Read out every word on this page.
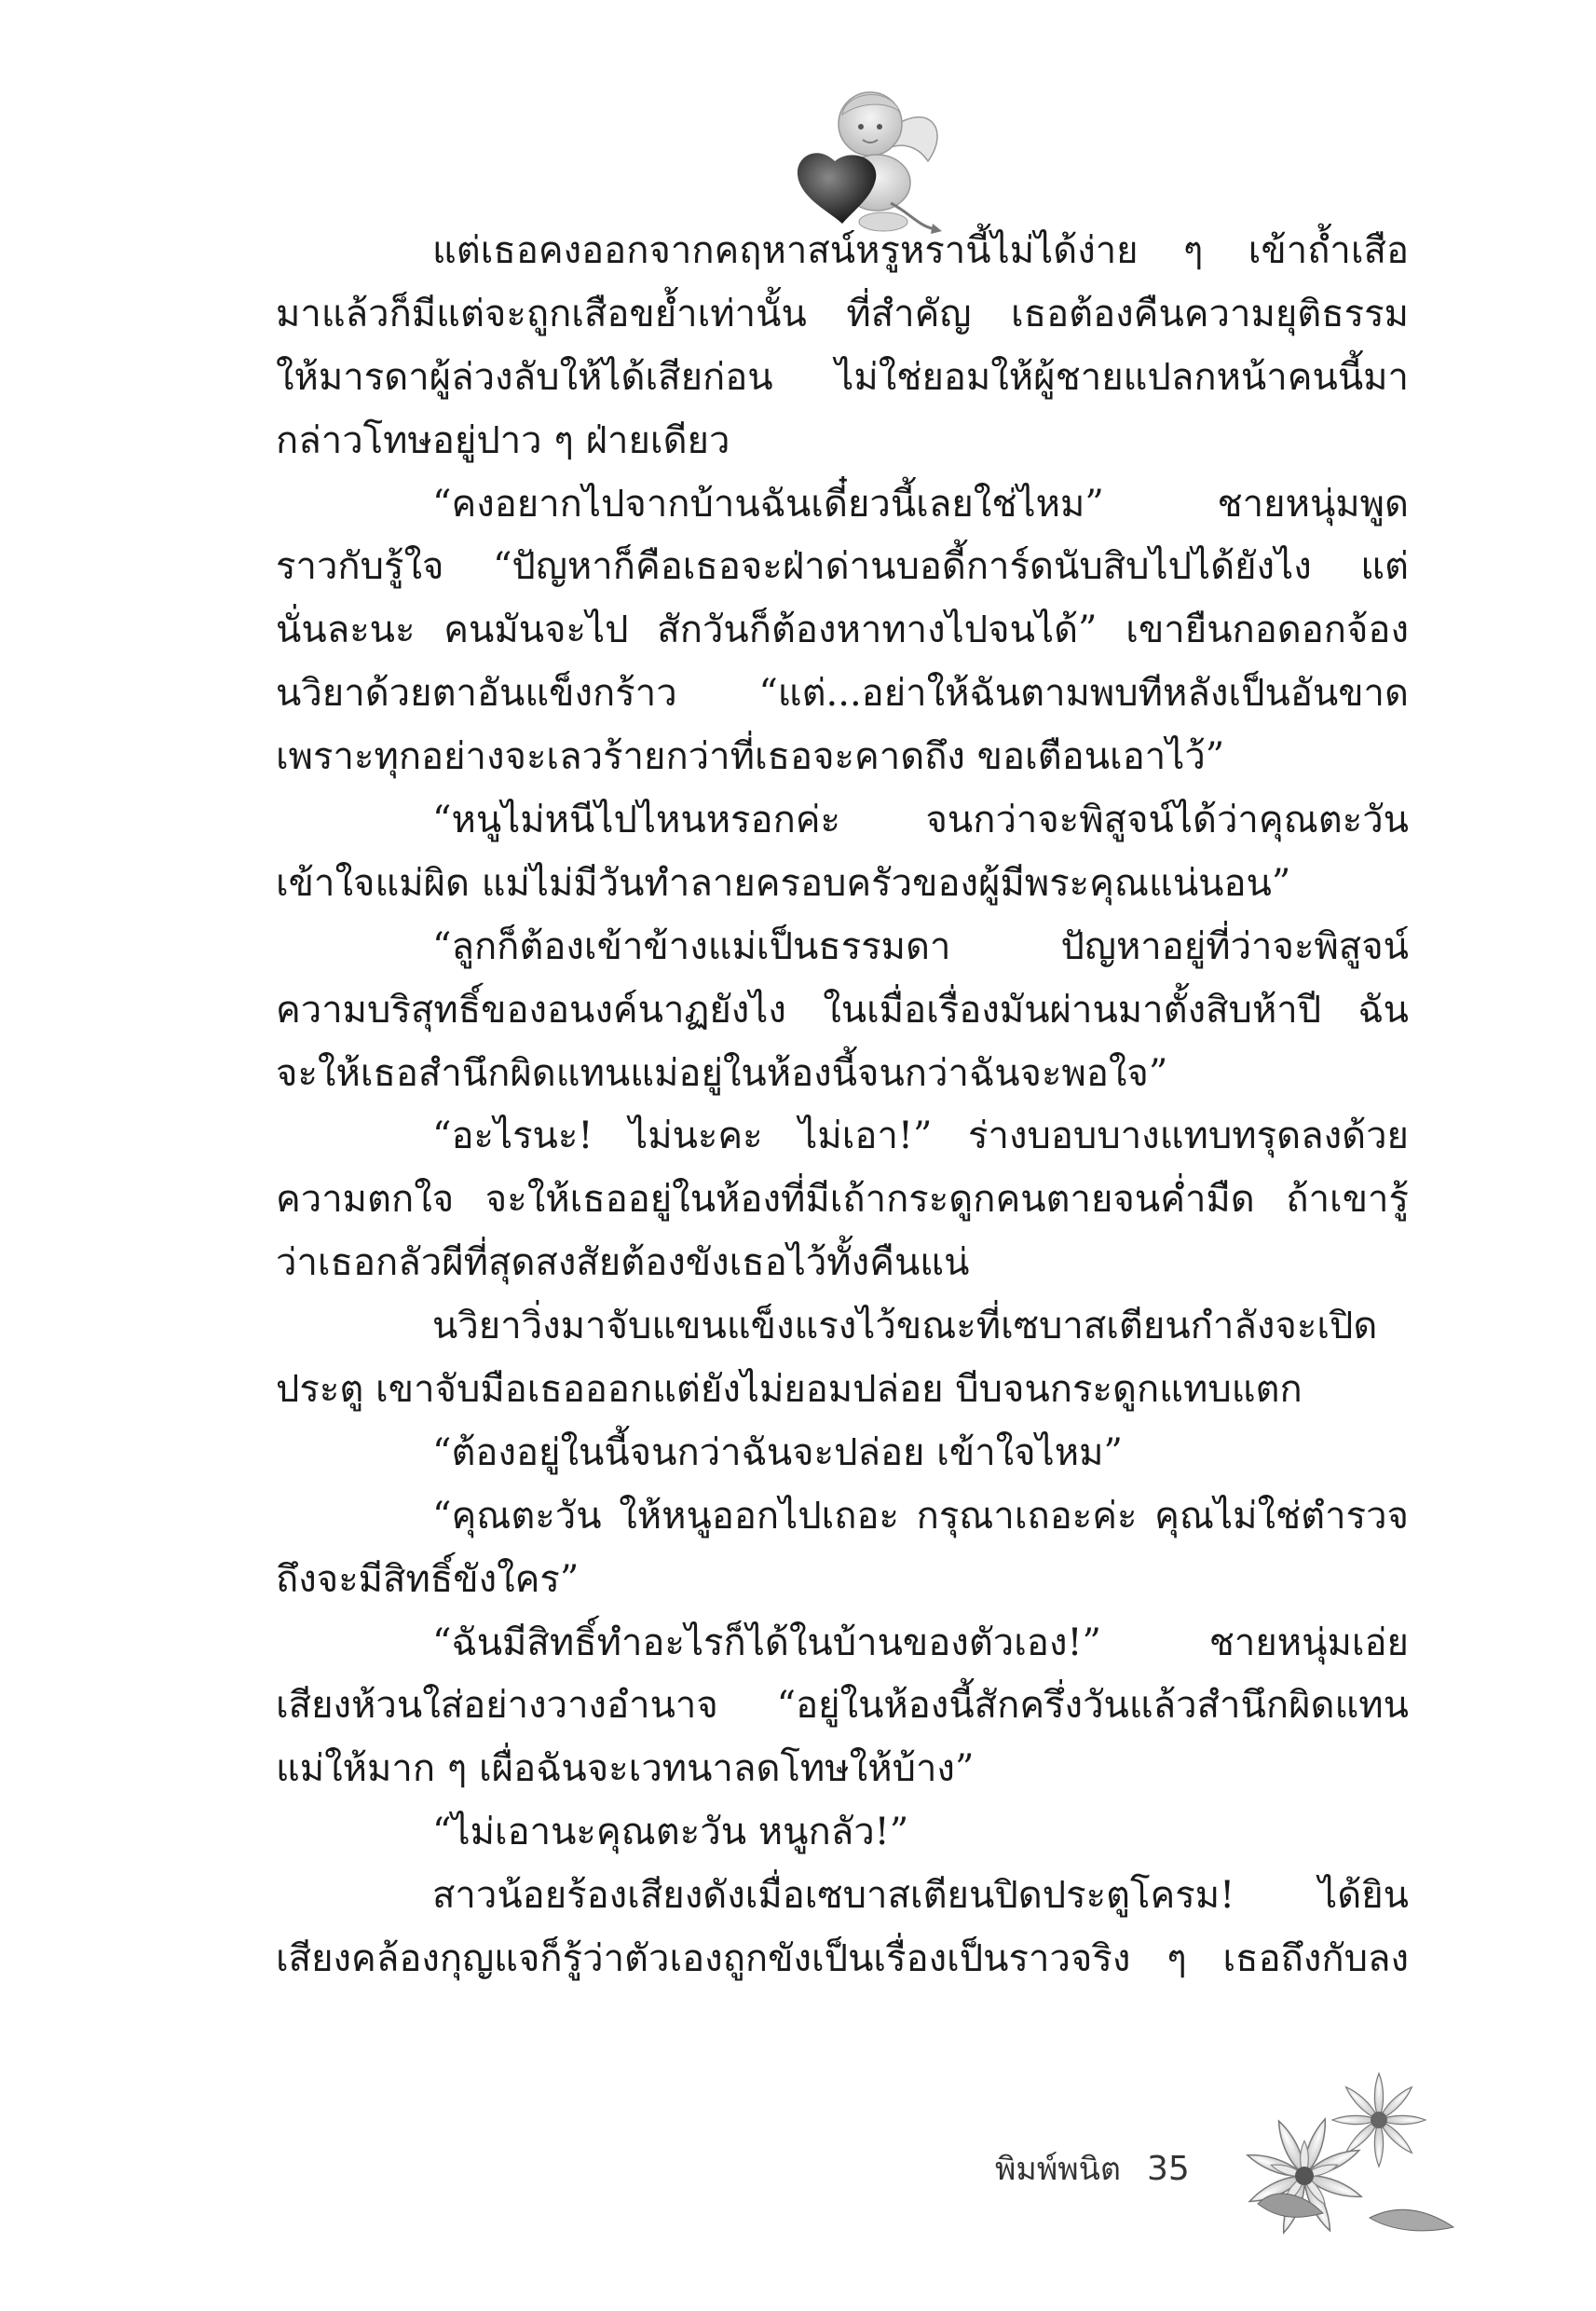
แต่เธอคงออกจากคฤหาสน์หรูหรานี้ไม่ได้ง่าย ๆ เข้าถ้ำเสือ
มาแล้วก็มีแต่จะถูกเสือขย้ำเท่านั้น ที่สำคัญ เธอต้องคืนความยุติธรรม
ให้มารดาผู้ล่วงลับให้ได้เสียก่อน ไม่ใช่ยอมให้ผู้ชายแปลกหน้าคนนี้มา
กล่าวโทษอยู่ปาว ๆ ฝ่ายเดียว
“คงอยากไปจากบ้านฉันเดี๋ยวนี้เลยใช่ไหม” ชายหนุ่มพูด
ราวกับรู้ใจ “ปัญหาก็คือเธอจะฝ่าด่านบอดี้การ์ดนับสิบไปได้ยังไง แต่
นั่นละนะ คนมันจะไป สักวันก็ต้องหาทางไปจนได้” เขายืนกอดอกจ้อง
นวิยาด้วยตาอันแข็งกร้าว “แต่...อย่าให้ฉันตามพบทีหลังเป็นอันขาด
เพราะทุกอย่างจะเลวร้ายกว่าที่เธอจะคาดถึง ขอเตือนเอาไว้”
“หนูไม่หนีไปไหนหรอกค่ะ จนกว่าจะพิสูจน์ได้ว่าคุณตะวัน
เข้าใจแม่ผิด แม่ไม่มีวันทำลายครอบครัวของผู้มีพระคุณแน่นอน”
“ลูกก็ต้องเข้าข้างแม่เป็นธรรมดา ปัญหาอยู่ที่ว่าจะพิสูจน์
ความบริสุทธิ์ของอนงค์นาฏยังไง ในเมื่อเรื่องมันผ่านมาตั้งสิบห้าปี ฉัน
จะให้เธอสำนึกผิดแทนแม่อยู่ในห้องนี้จนกว่าฉันจะพอใจ”
“อะไรนะ! ไม่นะคะ ไม่เอา!” ร่างบอบบางแทบทรุดลงด้วย
ความตกใจ จะให้เธออยู่ในห้องที่มีเถ้ากระดูกคนตายจนค่ำมืด ถ้าเขารู้
ว่าเธอกลัวผีที่สุดสงสัยต้องขังเธอไว้ทั้งคืนแน่
นวิยาวิ่งมาจับแขนแข็งแรงไว้ขณะที่เซบาสเตียนกำลังจะเปิด
ประตู เขาจับมือเธอออกแต่ยังไม่ยอมปล่อย บีบจนกระดูกแทบแตก
“ต้องอยู่ในนี้จนกว่าฉันจะปล่อย เข้าใจไหม”
“คุณตะวัน ให้หนูออกไปเถอะ กรุณาเถอะค่ะ คุณไม่ใช่ตำรวจ
ถึงจะมีสิทธิ์ขังใคร”
“ฉันมีสิทธิ์ทำอะไรก็ได้ในบ้านของตัวเอง!” ชายหนุ่มเอ่ย
เสียงห้วนใส่อย่างวางอำนาจ “อยู่ในห้องนี้สักครึ่งวันแล้วสำนึกผิดแทน
แม่ให้มาก ๆ เผื่อฉันจะเวทนาลดโทษให้บ้าง”
“ไม่เอานะคุณตะวัน หนูกลัว!”
สาวน้อยร้องเสียงดังเมื่อเซบาสเตียนปิดประตูโครม! ได้ยิน
เสียงคล้องกุญแจก็รู้ว่าตัวเองถูกขังเป็นเรื่องเป็นราวจริง ๆ เธอถึงกับลง
พิมพ์พนิต 35
